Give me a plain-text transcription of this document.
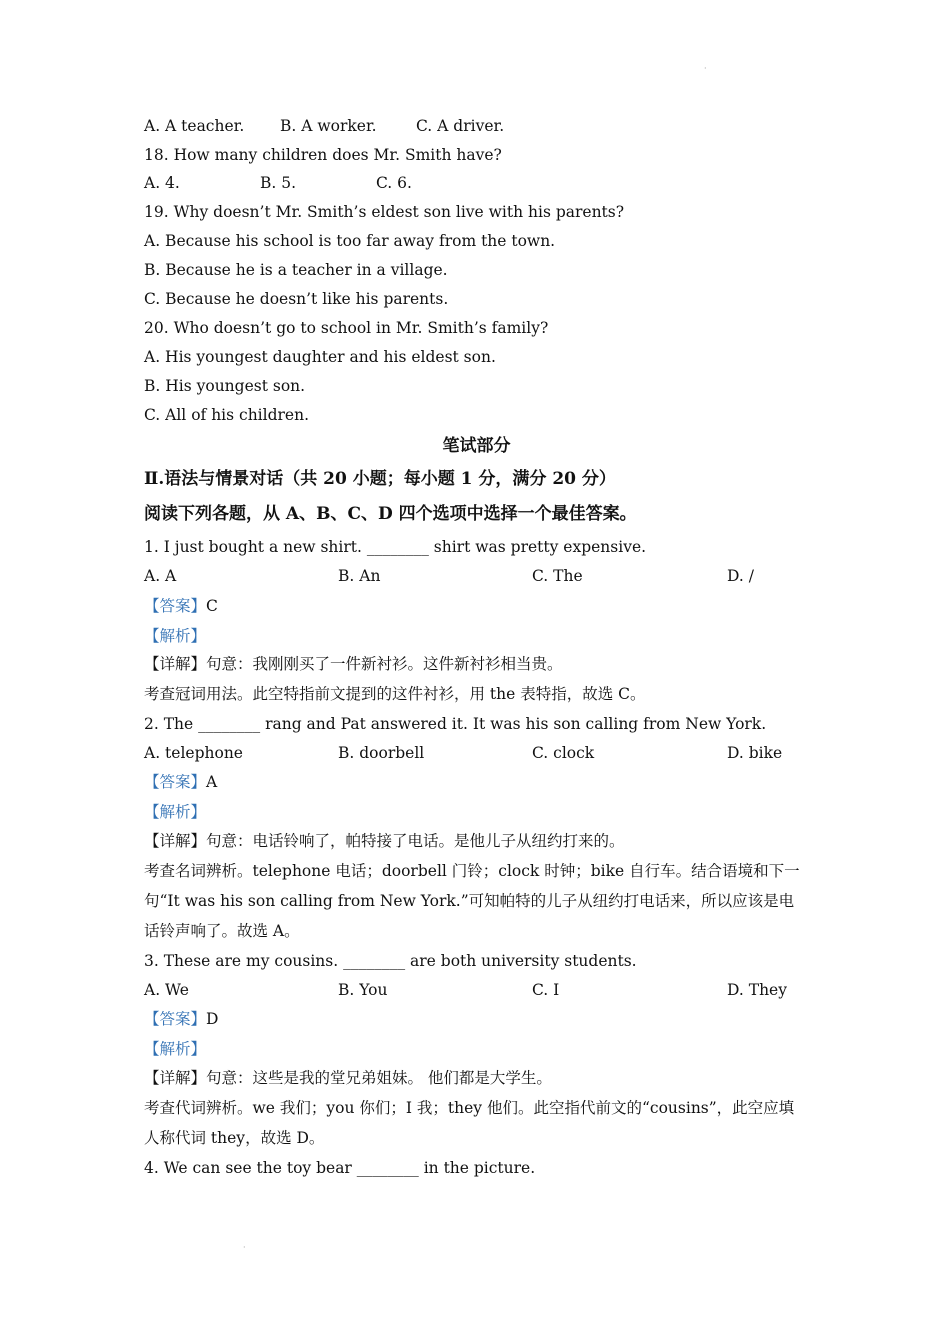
·
A. A teacher. B. A worker.	C. A driver.
18. How many children does Mr. Smith have?
A. 4.	B. 5.	C. 6.
19. Why doesn’t Mr. Smith’s eldest son live with his parents?
A. Because his school is too far away from the town.
B. Because he is a teacher in a village.
C. Because he doesn’t like his parents.
20. Who doesn’t go to school in Mr. Smith’s family?
A. His youngest daughter and his eldest son.
B. His youngest son.
C. All of his children.
笔试部分
Ⅱ.语法与情景对话（共 20 小题；每小题 1 分，满分 20 分）
阅读下列各题，从 A、B、C、D 四个选项中选择一个最佳答案。
1. I just bought a new shirt. ________ shirt was pretty expensive.
A. A	B. An	C. The	D. /
【答案】C
【解析】
【详解】句意：我刚刚买了一件新衬衫。这件新衬衫相当贵。
考查冠词用法。此空特指前文提到的这件衬衫，用 the 表特指，故选 C。
2. The ________ rang and Pat answered it. It was his son calling from New York.
A. telephone	B. doorbell	C. clock	D. bike
【答案】A
【解析】
【详解】句意：电话铃响了，帕特接了电话。是他儿子从纽约打来的。
考查名词辨析。telephone 电话；doorbell 门铃；clock 时钟；bike 自行车。结合语境和下一句“It was his son calling from New York.”可知帕特的儿子从纽约打电话来，所以应该是电话铃声响了。故选 A。
3. These are my cousins. ________ are both university students.
A. We	B. You	C. I	D. They
【答案】D
【解析】
【详解】句意：这些是我的堂兄弟姐妹。 他们都是大学生。
考查代词辨析。we 我们；you 你们；I 我；they 他们。此空指代前文的“cousins”，此空应填人称代词 they，故选 D。
4. We can see the toy bear ________ in the picture.
·
